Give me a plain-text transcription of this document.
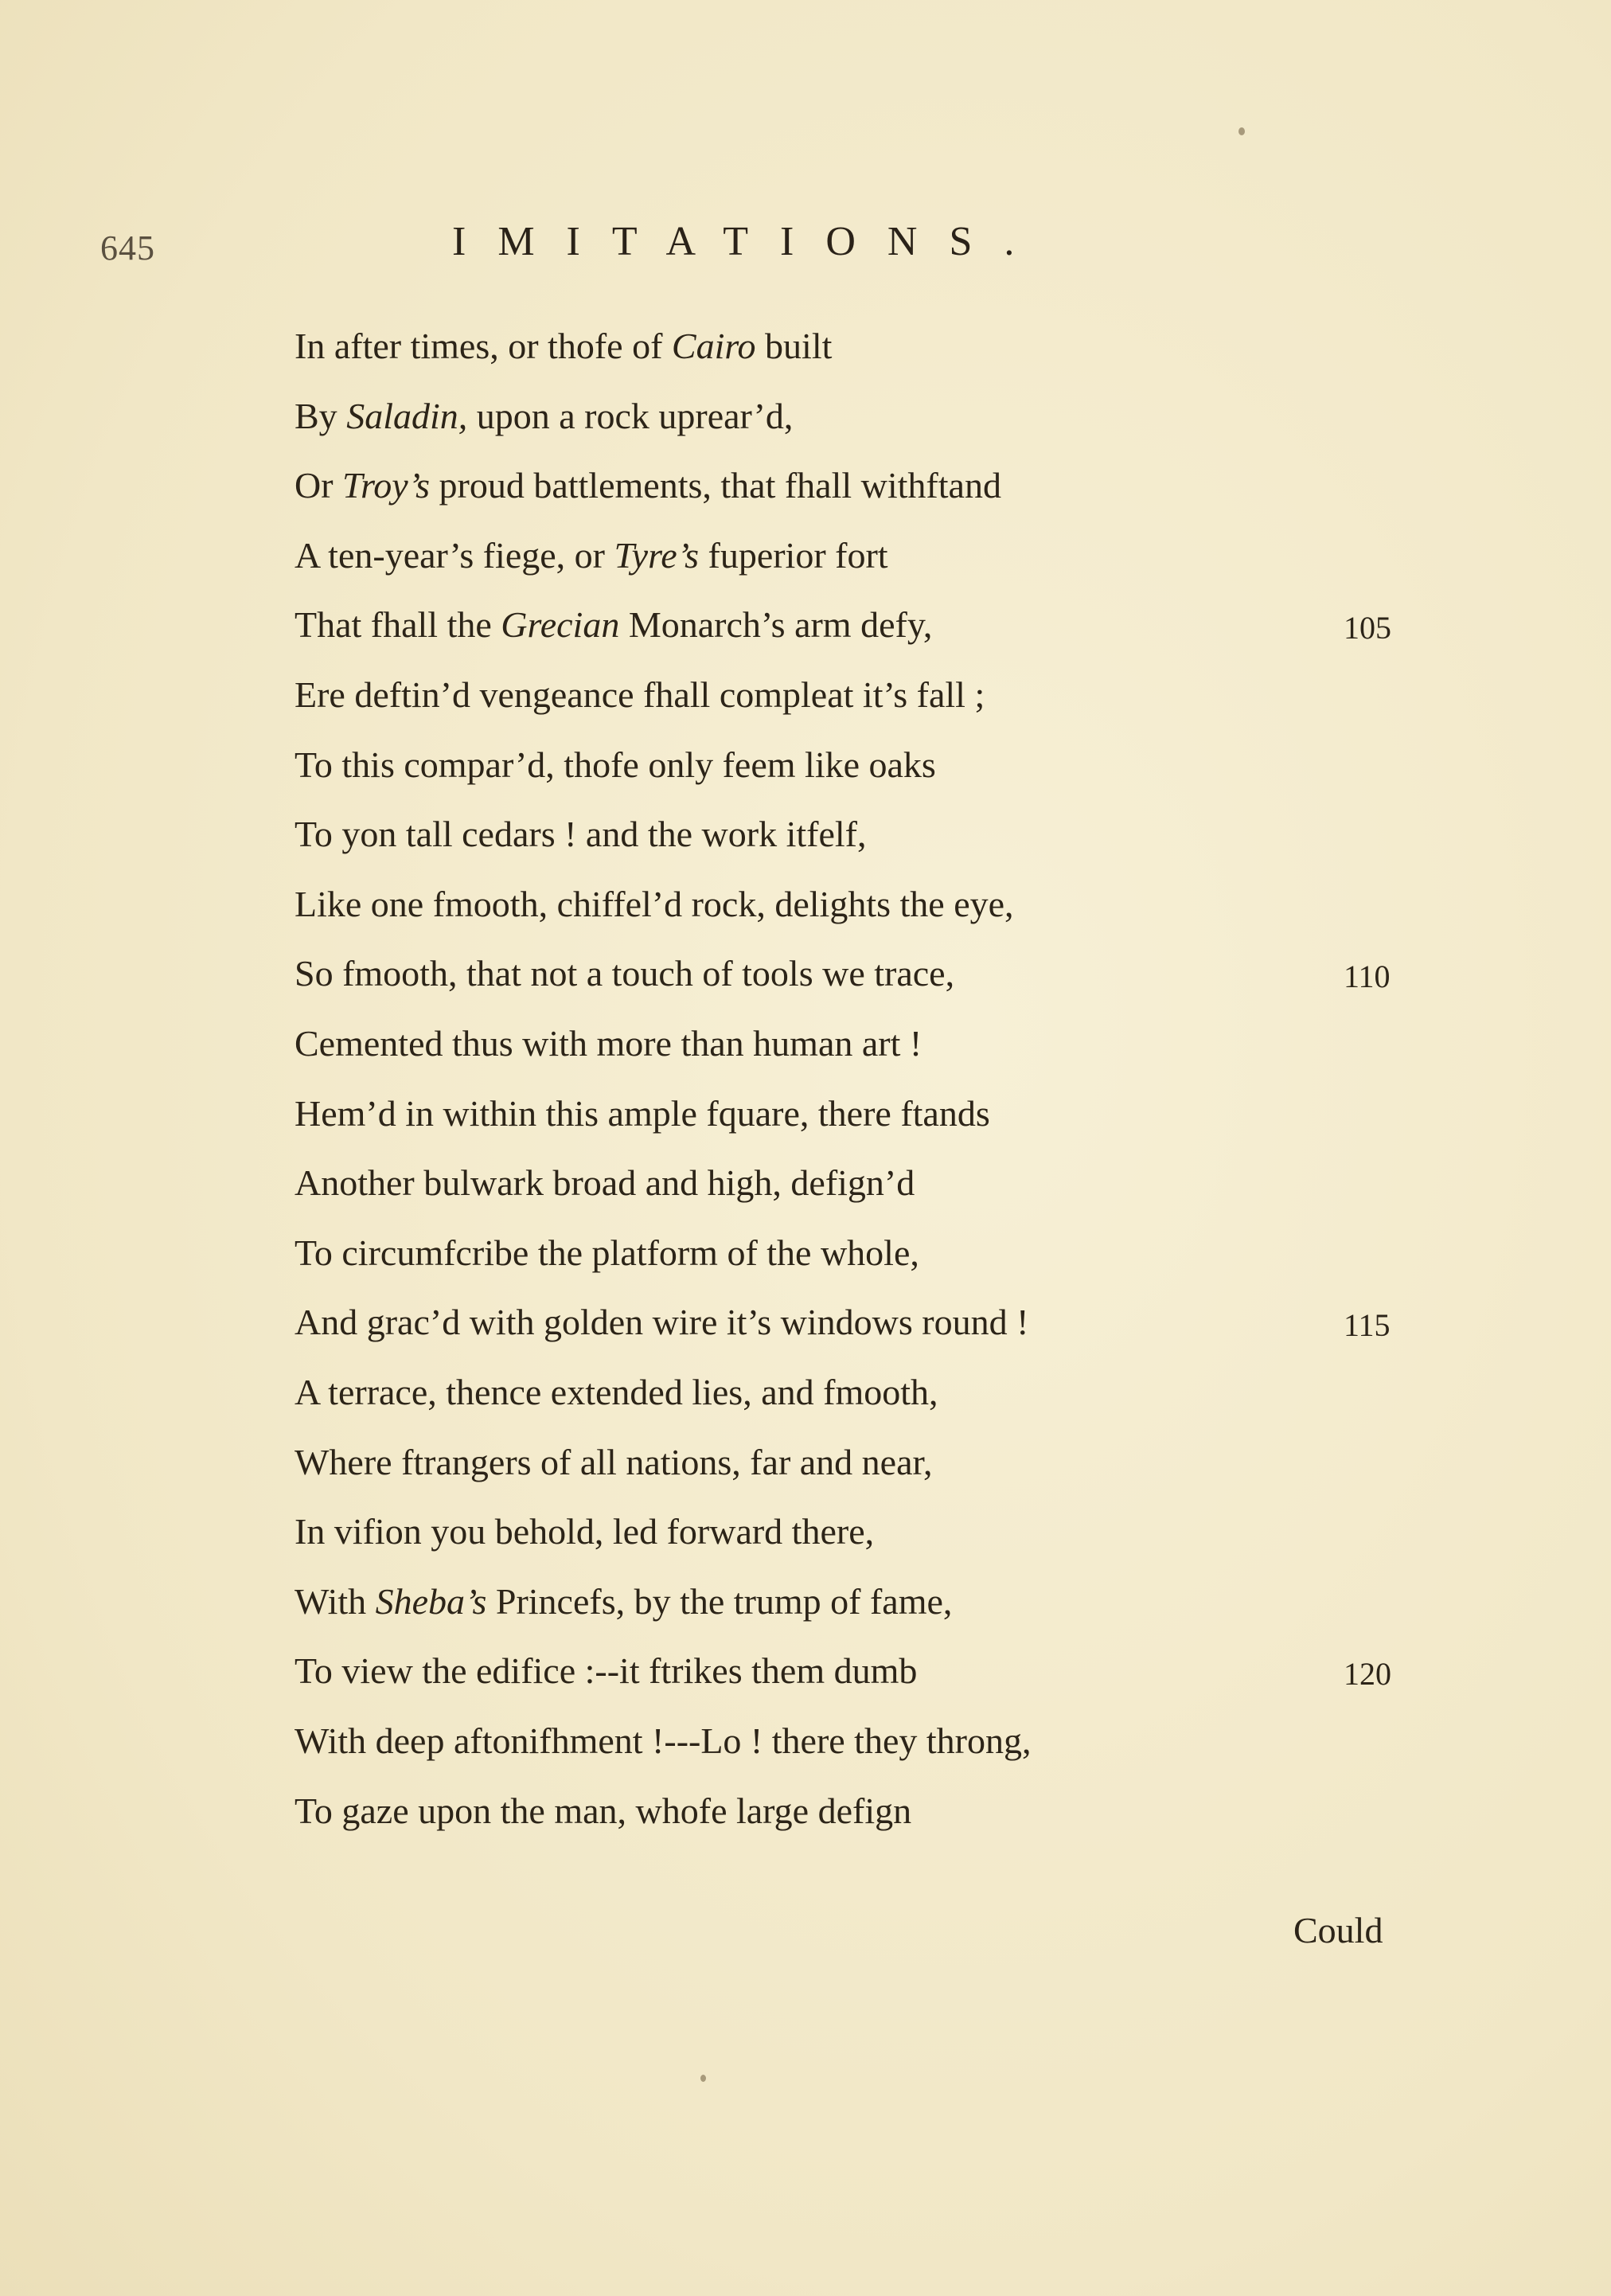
645	IMITATIONS.
In after times, or thofe of Cairo built
By Saladin, upon a rock uprear’d,
Or Troy’s proud battlements, that fhall withftand
A ten-year’s fiege, or Tyre’s fuperior fort
That fhall the Grecian Monarch’s arm defy,	105
Ere deftin’d vengeance fhall compleat it’s fall ;
To this compar’d, thofe only feem like oaks
To yon tall cedars ! and the work itfelf,
Like one fmooth, chiffel’d rock, delights the eye,
So fmooth, that not a touch of tools we trace,	110
Cemented thus with more than human art !
Hem’d in within this ample fquare, there ftands
Another bulwark broad and high, defign’d
To circumfcribe the platform of the whole,
And grac’d with golden wire it’s windows round !	115
A terrace, thence extended lies, and fmooth,
Where ftrangers of all nations, far and near,
In vifion you behold, led forward there,
With Sheba’s Princefs, by the trump of fame,
To view the edifice :--it ftrikes them dumb	120
With deep aftonifhment !---Lo ! there they throng,
To gaze upon the man, whofe large defign
Could
